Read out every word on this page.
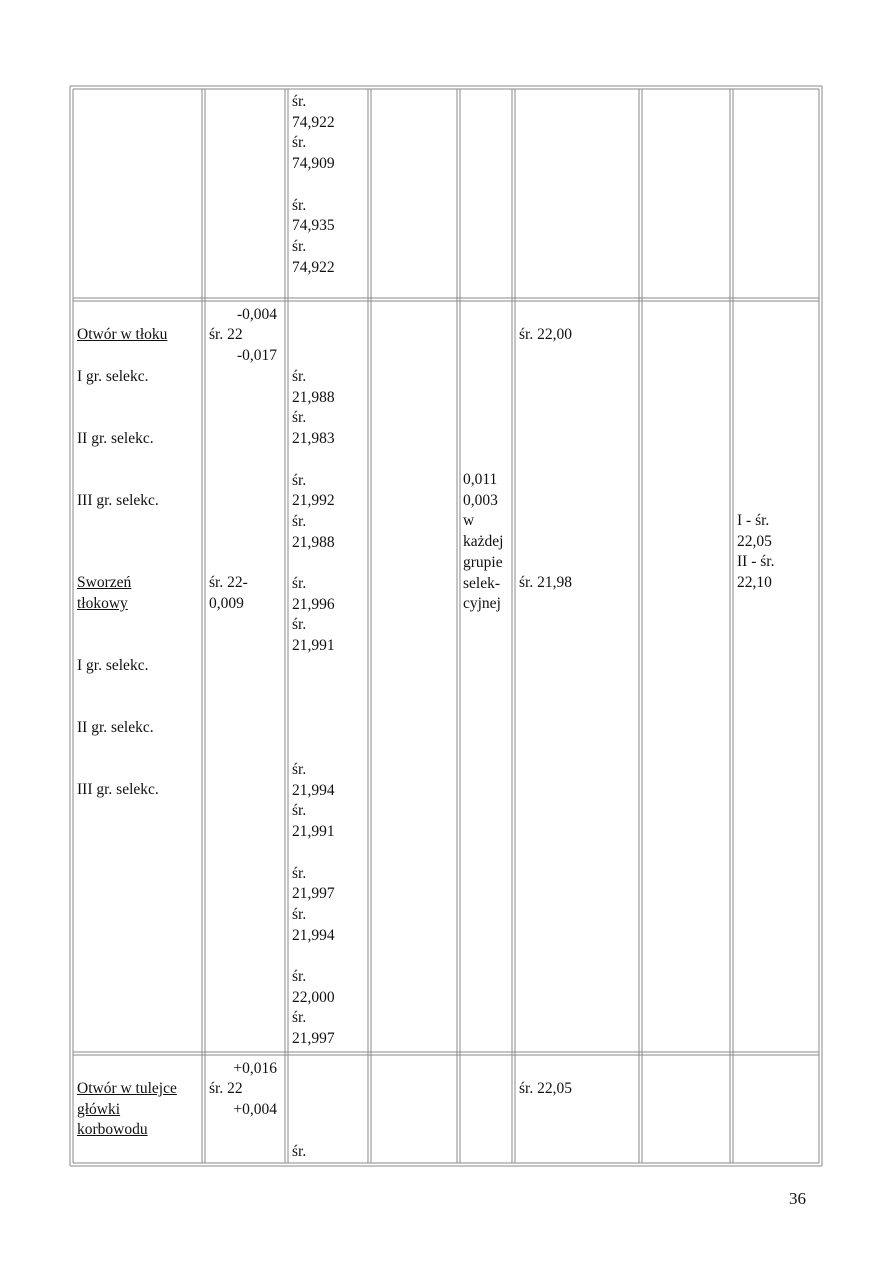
śr.
74,922
śr.
74,909

śr.
74,935
śr.
74,922
Otwór w tłoku
I gr. selekc.
II gr. selekc.
III gr. selekc.
Sworzeń
tłokowy
I gr. selekc.
II gr. selekc.
III gr. selekc.
-0,004
śr. 22
-0,017
śr. 22-
0,009
śr.
21,988
śr.
21,983

śr.
21,992
śr.
21,988

śr.
21,996
śr.
21,991
śr.
21,994
śr.
21,991

śr.
21,997
śr.
21,994

śr.
22,000
śr.
21,997
0,011
0,003
w
każdej
grupie
selek-
cyjnej
śr. 22,00
śr. 21,98
I - śr.
22,05
II - śr.
22,10
Otwór w tulejce
główki
korbowodu
+0,016
śr. 22
+0,004
śr.
śr. 22,05
36
